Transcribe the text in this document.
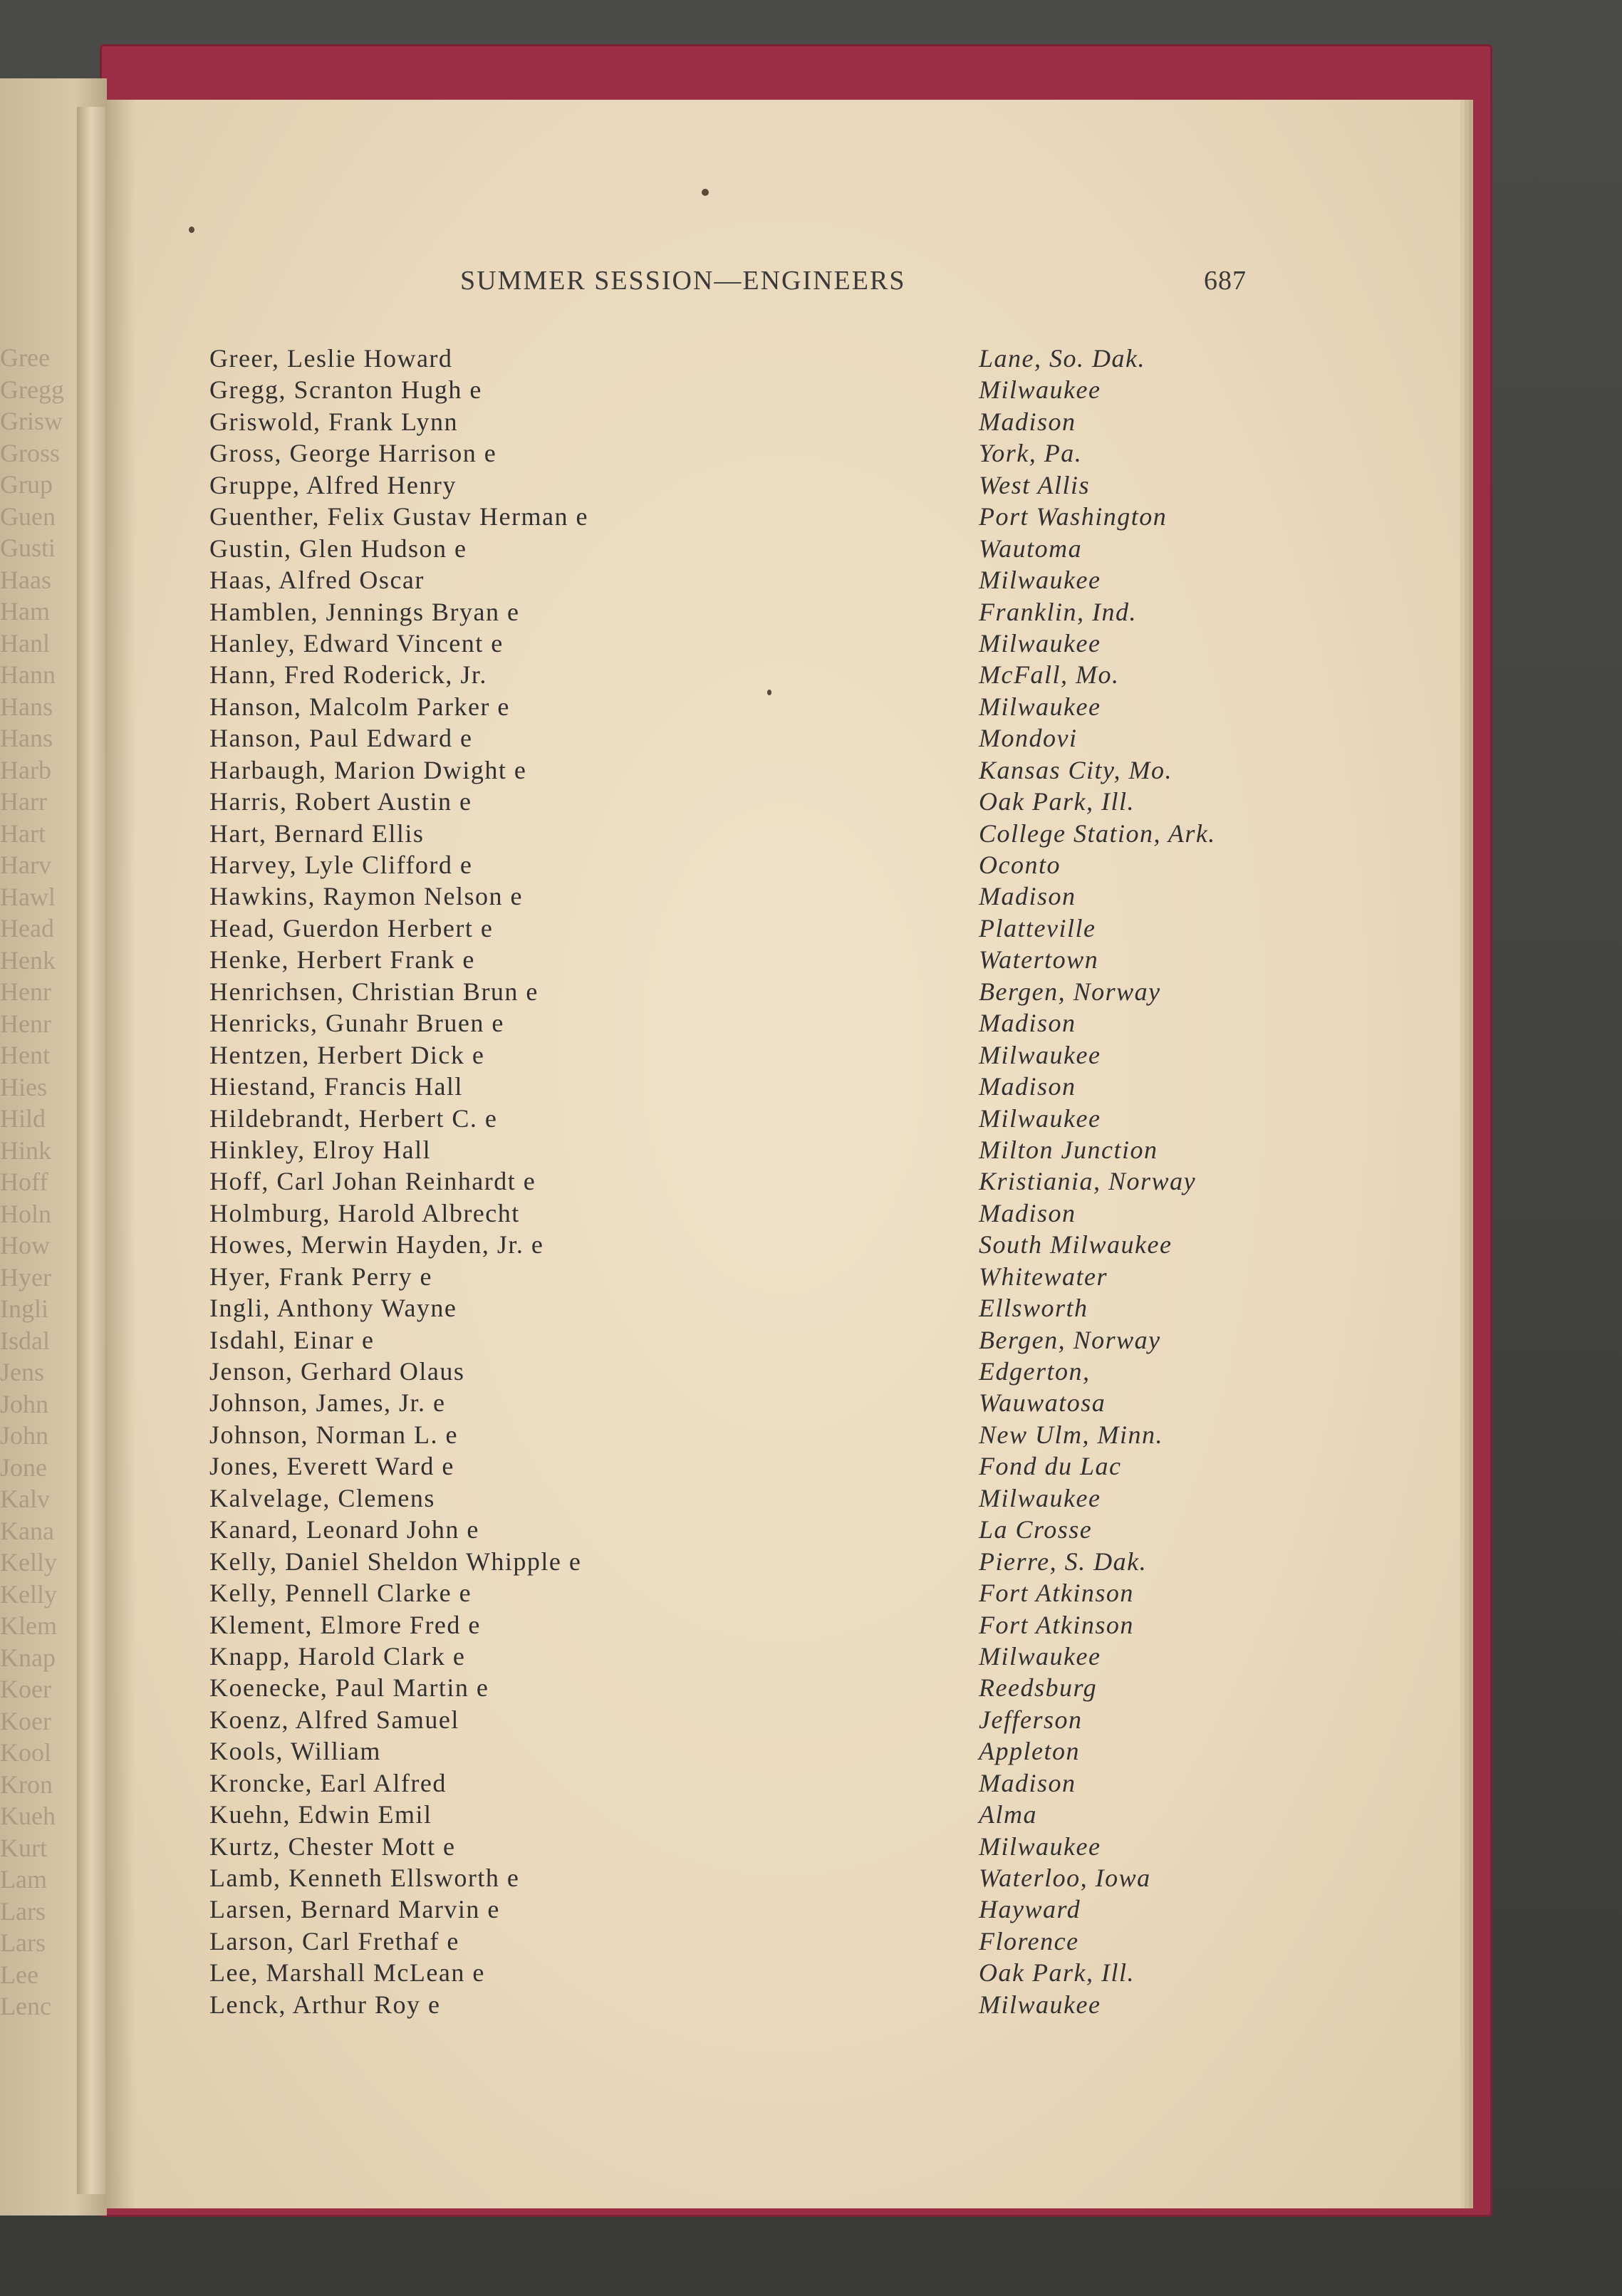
Gree
Gregg
Grisw
Gross
Grup
Guen
Gusti
Haas
Ham
Hanl
Hann
Hans
Hans
Harb
Harr
Hart
Harv
Hawl
Head
Henk
Henr
Henr
Hent
Hies
Hild
Hink
Hoff
Holn
How
Hyer
Ingli
Isdal
Jens
John
John
Jone
Kalv
Kana
Kelly
Kelly
Klem
Knap
Koer
Koer
Kool
Kron
Kueh
Kurt
Lam
Lars
Lars
Lee
Lenc
SUMMER SESSION—ENGINEERS	687
Greer, Leslie Howard	Lane, So. Dak.
Gregg, Scranton Hugh e	Milwaukee
Griswold, Frank Lynn	Madison
Gross, George Harrison e	York, Pa.
Gruppe, Alfred Henry	West Allis
Guenther, Felix Gustav Herman e	Port Washington
Gustin, Glen Hudson e	Wautoma
Haas, Alfred Oscar	Milwaukee
Hamblen, Jennings Bryan e	Franklin, Ind.
Hanley, Edward Vincent e	Milwaukee
Hann, Fred Roderick, Jr.	McFall, Mo.
Hanson, Malcolm Parker e	Milwaukee
Hanson, Paul Edward e	Mondovi
Harbaugh, Marion Dwight e	Kansas City, Mo.
Harris, Robert Austin e	Oak Park, Ill.
Hart, Bernard Ellis	College Station, Ark.
Harvey, Lyle Clifford e	Oconto
Hawkins, Raymon Nelson e	Madison
Head, Guerdon Herbert e	Platteville
Henke, Herbert Frank e	Watertown
Henrichsen, Christian Brun e	Bergen, Norway
Henricks, Gunahr Bruen e	Madison
Hentzen, Herbert Dick e	Milwaukee
Hiestand, Francis Hall	Madison
Hildebrandt, Herbert C. e	Milwaukee
Hinkley, Elroy Hall	Milton Junction
Hoff, Carl Johan Reinhardt e	Kristiania, Norway
Holmburg, Harold Albrecht	Madison
Howes, Merwin Hayden, Jr. e	South Milwaukee
Hyer, Frank Perry e	Whitewater
Ingli, Anthony Wayne	Ellsworth
Isdahl, Einar e	Bergen, Norway
Jenson, Gerhard Olaus	Edgerton,
Johnson, James, Jr. e	Wauwatosa
Johnson, Norman L. e	New Ulm, Minn.
Jones, Everett Ward e	Fond du Lac
Kalvelage, Clemens	Milwaukee
Kanard, Leonard John e	La Crosse
Kelly, Daniel Sheldon Whipple e	Pierre, S. Dak.
Kelly, Pennell Clarke e	Fort Atkinson
Klement, Elmore Fred e	Fort Atkinson
Knapp, Harold Clark e	Milwaukee
Koenecke, Paul Martin e	Reedsburg
Koenz, Alfred Samuel	Jefferson
Kools, William	Appleton
Kroncke, Earl Alfred	Madison
Kuehn, Edwin Emil	Alma
Kurtz, Chester Mott e	Milwaukee
Lamb, Kenneth Ellsworth e	Waterloo, Iowa
Larsen, Bernard Marvin e	Hayward
Larson, Carl Frethaf e	Florence
Lee, Marshall McLean e	Oak Park, Ill.
Lenck, Arthur Roy e	Milwaukee
